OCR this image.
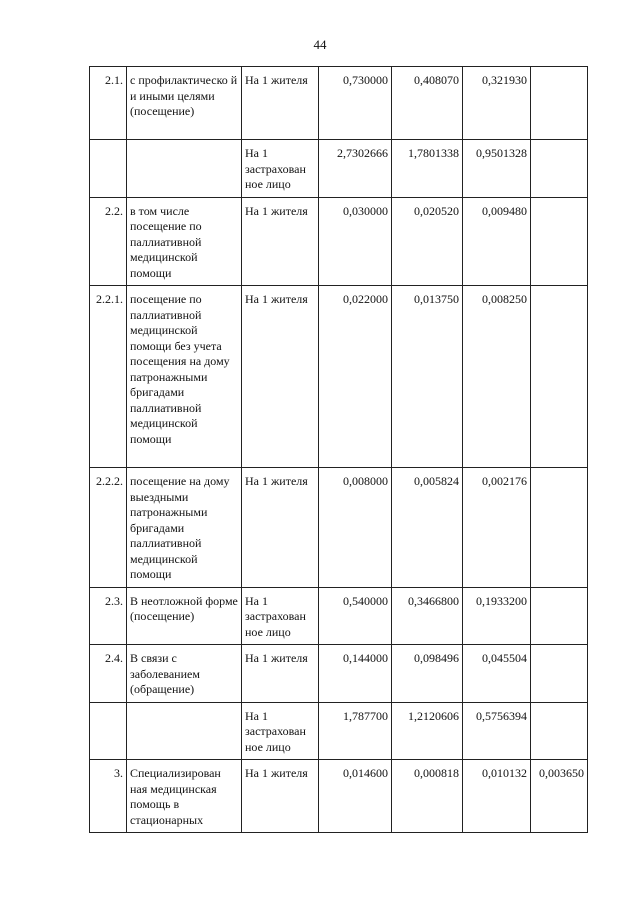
44
2.1.	с профилактическо й и иными целями (посещение)	На 1 жителя	0,730000	0,408070	0,321930	
		На 1 застрахован ное лицо	2,7302666	1,7801338	0,9501328	
2.2.	в том числе посещение по паллиативной медицинской помощи	На 1 жителя	0,030000	0,020520	0,009480	
2.2.1.	посещение по паллиативной медицинской помощи без учета посещения на дому патронажными бригадами паллиативной медицинской помощи	На 1 жителя	0,022000	0,013750	0,008250	
2.2.2.	посещение на дому выездными патронажными бригадами паллиативной медицинской помощи	На 1 жителя	0,008000	0,005824	0,002176	
2.3.	В неотложной форме (посещение)	На 1 застрахован ное лицо	0,540000	0,3466800	0,1933200	
2.4.	В связи с заболеванием (обращение)	На 1 жителя	0,144000	0,098496	0,045504	
		На 1 застрахован ное лицо	1,787700	1,2120606	0,5756394	
3.	Специализирован ная медицинская помощь в стационарных	На 1 жителя	0,014600	0,000818	0,010132	0,003650
